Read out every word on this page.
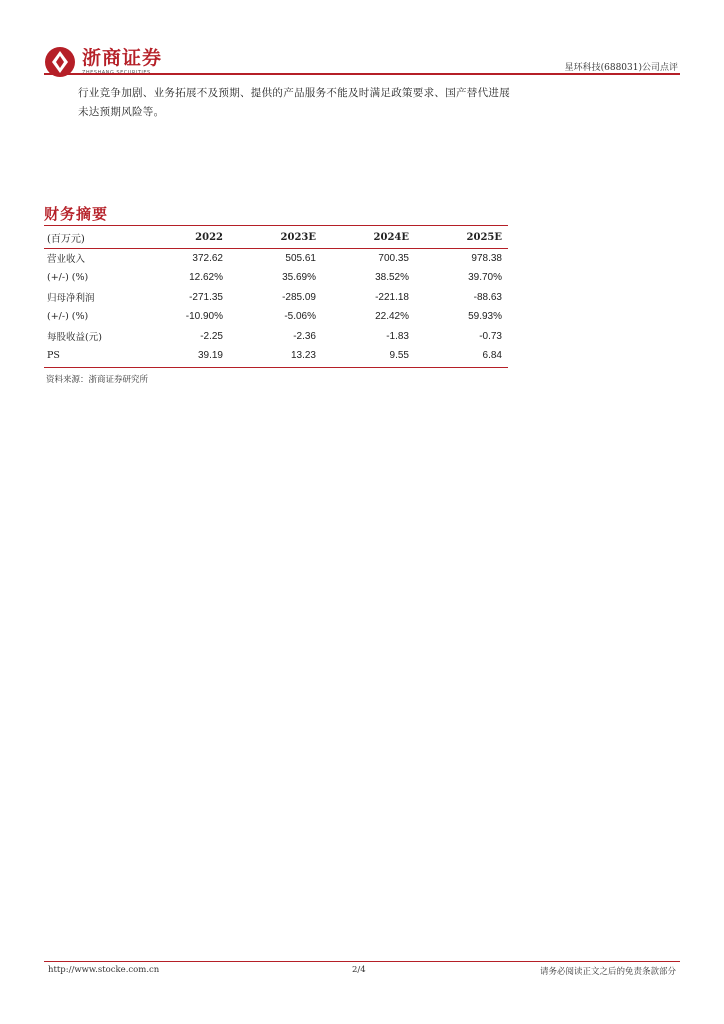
浙商证券	星环科技(688031)公司点评
行业竞争加剧、业务拓展不及预期、提供的产品服务不能及时满足政策要求、国产替代进展未达预期风险等。
财务摘要
(百万元)	2022	2023E	2024E	2025E
营业收入	372.62	505.61	700.35	978.38
(+/-) (%)	12.62%	35.69%	38.52%	39.70%
归母净利润	-271.35	-285.09	-221.18	-88.63
(+/-) (%)	-10.90%	-5.06%	22.42%	59.93%
每股收益(元)	-2.25	-2.36	-1.83	-0.73
PS	39.19	13.23	9.55	6.84
资料来源：浙商证券研究所
http://www.stocke.com.cn	2/4	请务必阅读正文之后的免责条款部分
